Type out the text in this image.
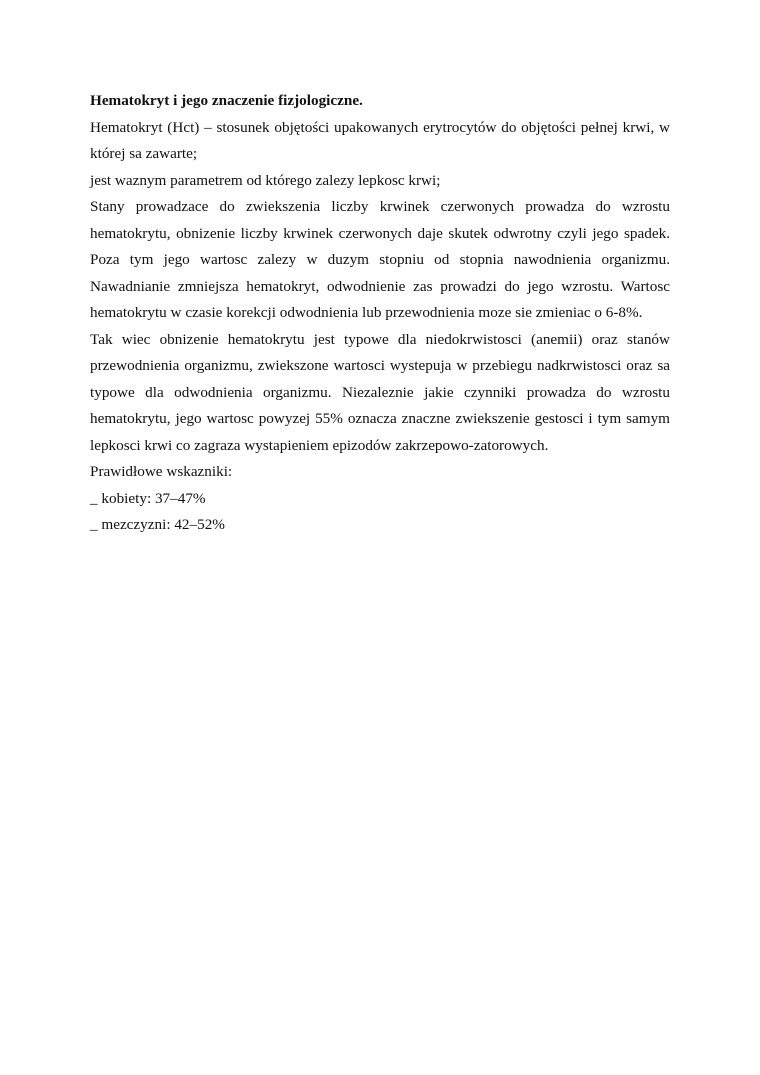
Hematokryt i jego znaczenie fizjologiczne.
Hematokryt (Hct) – stosunek objętości upakowanych erytrocytów do objętości pełnej krwi, w
której sa zawarte;
jest waznym parametrem od którego zalezy lepkosc krwi;
Stany prowadzace do zwiekszenia liczby krwinek czerwonych prowadza do wzrostu
hematokrytu, obnizenie liczby krwinek czerwonych daje skutek odwrotny czyli jego spadek.
Poza tym jego wartosc zalezy w duzym stopniu od stopnia nawodnienia organizmu.
Nawadnianie zmniejsza hematokryt, odwodnienie zas prowadzi do jego wzrostu. Wartosc
hematokrytu w czasie korekcji odwodnienia lub przewodnienia moze sie zmieniac o 6-8%.
Tak wiec obnizenie hematokrytu jest typowe dla niedokrwistosci (anemii) oraz stanów
przewodnienia organizmu, zwiekszone wartosci wystepuja w przebiegu nadkrwistosci oraz sa
typowe dla odwodnienia organizmu. Niezaleznie jakie czynniki prowadza do wzrostu
hematokrytu, jego wartosc powyzej 55% oznacza znaczne zwiekszenie gestosci i tym samym
lepkosci krwi co zagraza wystapieniem epizodów zakrzepowo-zatorowych.
Prawidłowe wskazniki:
_ kobiety: 37–47%
_ mezczyzni: 42–52%
